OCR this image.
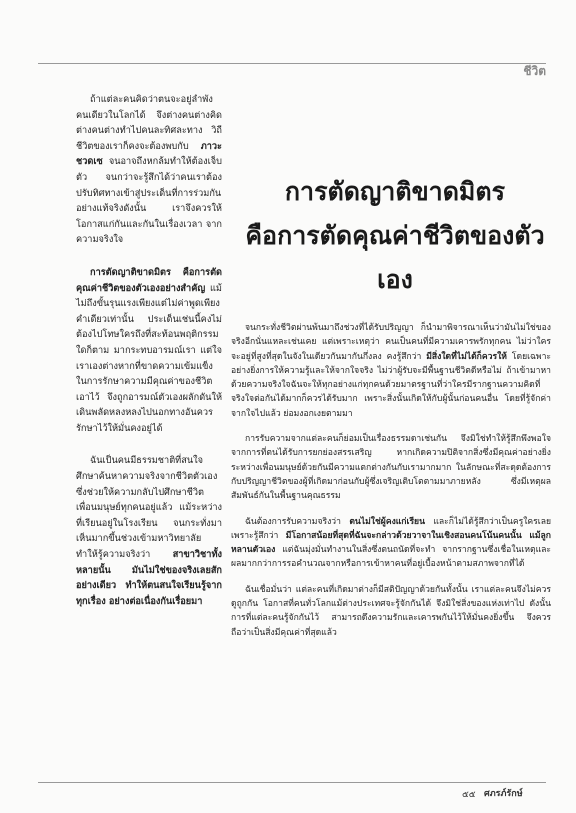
ชีวิต

ถ้าแต่ละคนคิดว่าตนจะอยู่ลำพังคนเดียวในโลกได้ จึงต่างคนต่างคิดต่างคนต่างทำไปคนละทิศละทาง วิถีชีวิตของเราก็คงจะต้องพบกับ ภาวะชวดเซ จนอาจถึงหกล้มทำให้ต้องเจ็บตัว จนกว่าจะรู้สึกได้ว่าคนเราต้องปรับทิศทางเข้าสู่ประเด็นที่การร่วมกันอย่างแท้จริงดังนั้น เราจึงควรให้โอกาสแก่กันและกันในเรื่องเวลา จากความจริงใจ

การตัดญาติขาดมิตร คือการตัดคุณค่าชีวิตของตัวเองอย่างสำคัญ แม้ไม่ถึงขั้นรุนแรงเพียงแต่ไม่ค่าพูดเพียงคำเดียวเท่านั้น ประเด็นเช่นนี้คงไม่ต้องไปโทษใครถึงที่สะท้อนพฤติกรรมใดก็ตาม มากระทบอารมณ์เรา แต่ใจเราเองต่างหากที่ขาดความเข้มแข็งในการรักษาความมีคุณค่าของชีวิตเอาไว้ จึงถูกอารมณ์ตัวเองผลักดันให้เดินพลัดหลงหลงไปนอกทางอันควรรักษาไว้ให้มั่นคงอยู่ได้

ฉันเป็นคนมีธรรมชาติที่สนใจศึกษาค้นหาความจริงจากชีวิตตัวเอง ซึ่งช่วยให้ความกลับไปศึกษาชีวิตเพื่อนมนุษย์ทุกคนอยู่แล้ว แม้ระหว่างที่เรียนอยู่ในโรงเรียน จนกระทั่งมาเห็นมากขึ้นช่วงเข้ามหาวิทยาลัย ทำให้รู้ความจริงว่า สาขาวิชาทั้งหลายนั้น มันไม่ใช่ของจริงเลยสักอย่างเดียว ทำให้ตนสนใจเรียนรู้จากทุกเรื่อง อย่างต่อเนื่องกันเรื่อยมา

การตัดญาติขาดมิตร
คือการตัดคุณค่าชีวิตของตัวเอง

จนกระทั่งชีวิตผ่านพ้นมาถึงช่วงที่ได้รับปริญญา ก็นำมาพิจารณาเห็นว่ามันไม่ใช่ของจริงอีกนั่นแหละเช่นเคย แต่เพราะเหตุว่า คนเป็นคนที่มีความเคารพรักทุกคน ไม่ว่าใครจะอยู่ที่สูงที่สุดในจังในเดียวกันมากันกึ่งลง คงรู้สึกว่า มีสิ่งใดที่ไม่ได้ก็ควรให้ โดยเฉพาะอย่างยิ่งการให้ความรู้และให้จากใจจริง ไม่ว่าผู้รับจะมีพื้นฐานชีวิตดีหรือไม่ ถ้าเข้ามาหาด้วยความจริงใจฉันจะให้ทุกอย่างแก่ทุกคนด้วยมาตรฐานที่ว่าใครมีรากฐานความคิดที่จริงใจต่อกันได้มากก็ควรได้รับมาก เพราะสิ่งนั้นเกิดให้กับผู้นั้นก่อนคนอื่น โดยที่รู้จักค่าจากใจไปแล้ว ย่อมงอกเงยตามมา

การรับความจากแต่ละคนก็ย่อมเป็นเรื่องธรรมดาเช่นกัน จึงมิใช่ทำให้รู้สึกพึงพอใจจากการที่ตนได้รับการยกย่องสรรเสริญ หากเกิดความปิติจากสิ่งซึ่งมีคุณค่าอย่างยิ่งระหว่างเพื่อนมนุษย์ด้วยกันมีความแตกต่างกันกับเรามากมาก ในลักษณะที่สะดุดต้องการกับปริญญาชีวิตของผู้ที่เกิดมาก่อนกับผู้ซึ่งเจริญเติบโตตามมาภายหลัง ซึ่งมีเหตุผลสัมพันธ์กันในพื้นฐานคุณธรรม

ฉันต้องการรับความจริงว่า ตนไม่ใช่ผู้คงแก่เรียน และก็ไม่ได้รู้สึกว่าเป็นครูใครเลย เพราะรู้สึกว่า มีโอกาสน้อยที่สุดที่ฉันจะกล่าวด้วยวาจาในเชิงสอนคนโน้นคนนั้น แม้ลูกหลานตัวเอง แต่ฉันมุ่งมั่นทำงานในสิ่งซึ่งตนถนัดที่จะทำ จากรากฐานซึ่งเชื่อในเหตุและผลมากกว่าการรอคำนวณจากหรือการเข้าหาคนที่อยู่เบื้องหน้าตามสภาพจากที่ได้

ฉันเชื่อมั่นว่า แต่ละคนที่เกิดมาต่างก็มีสติปัญญาด้วยกันทั้งนั้น เราแต่ละคนจึงไม่ควรดูถูกกัน โอกาสที่คนทั่วโลกแม้ต่างประเทศจะรู้จักกันได้ จึงมิใช่สิ่งของแห่งเท่าไป ดังนั้นการที่แต่ละคนรู้จักกันไว้ สามารถดึงความรักและเคารพกันไว้ให้มั่นคงยิ่งขึ้น จึงควรถือว่าเป็นสิ่งมีคุณค่าที่สุดแล้ว

๕๕ ศภรภ์รักษ์
